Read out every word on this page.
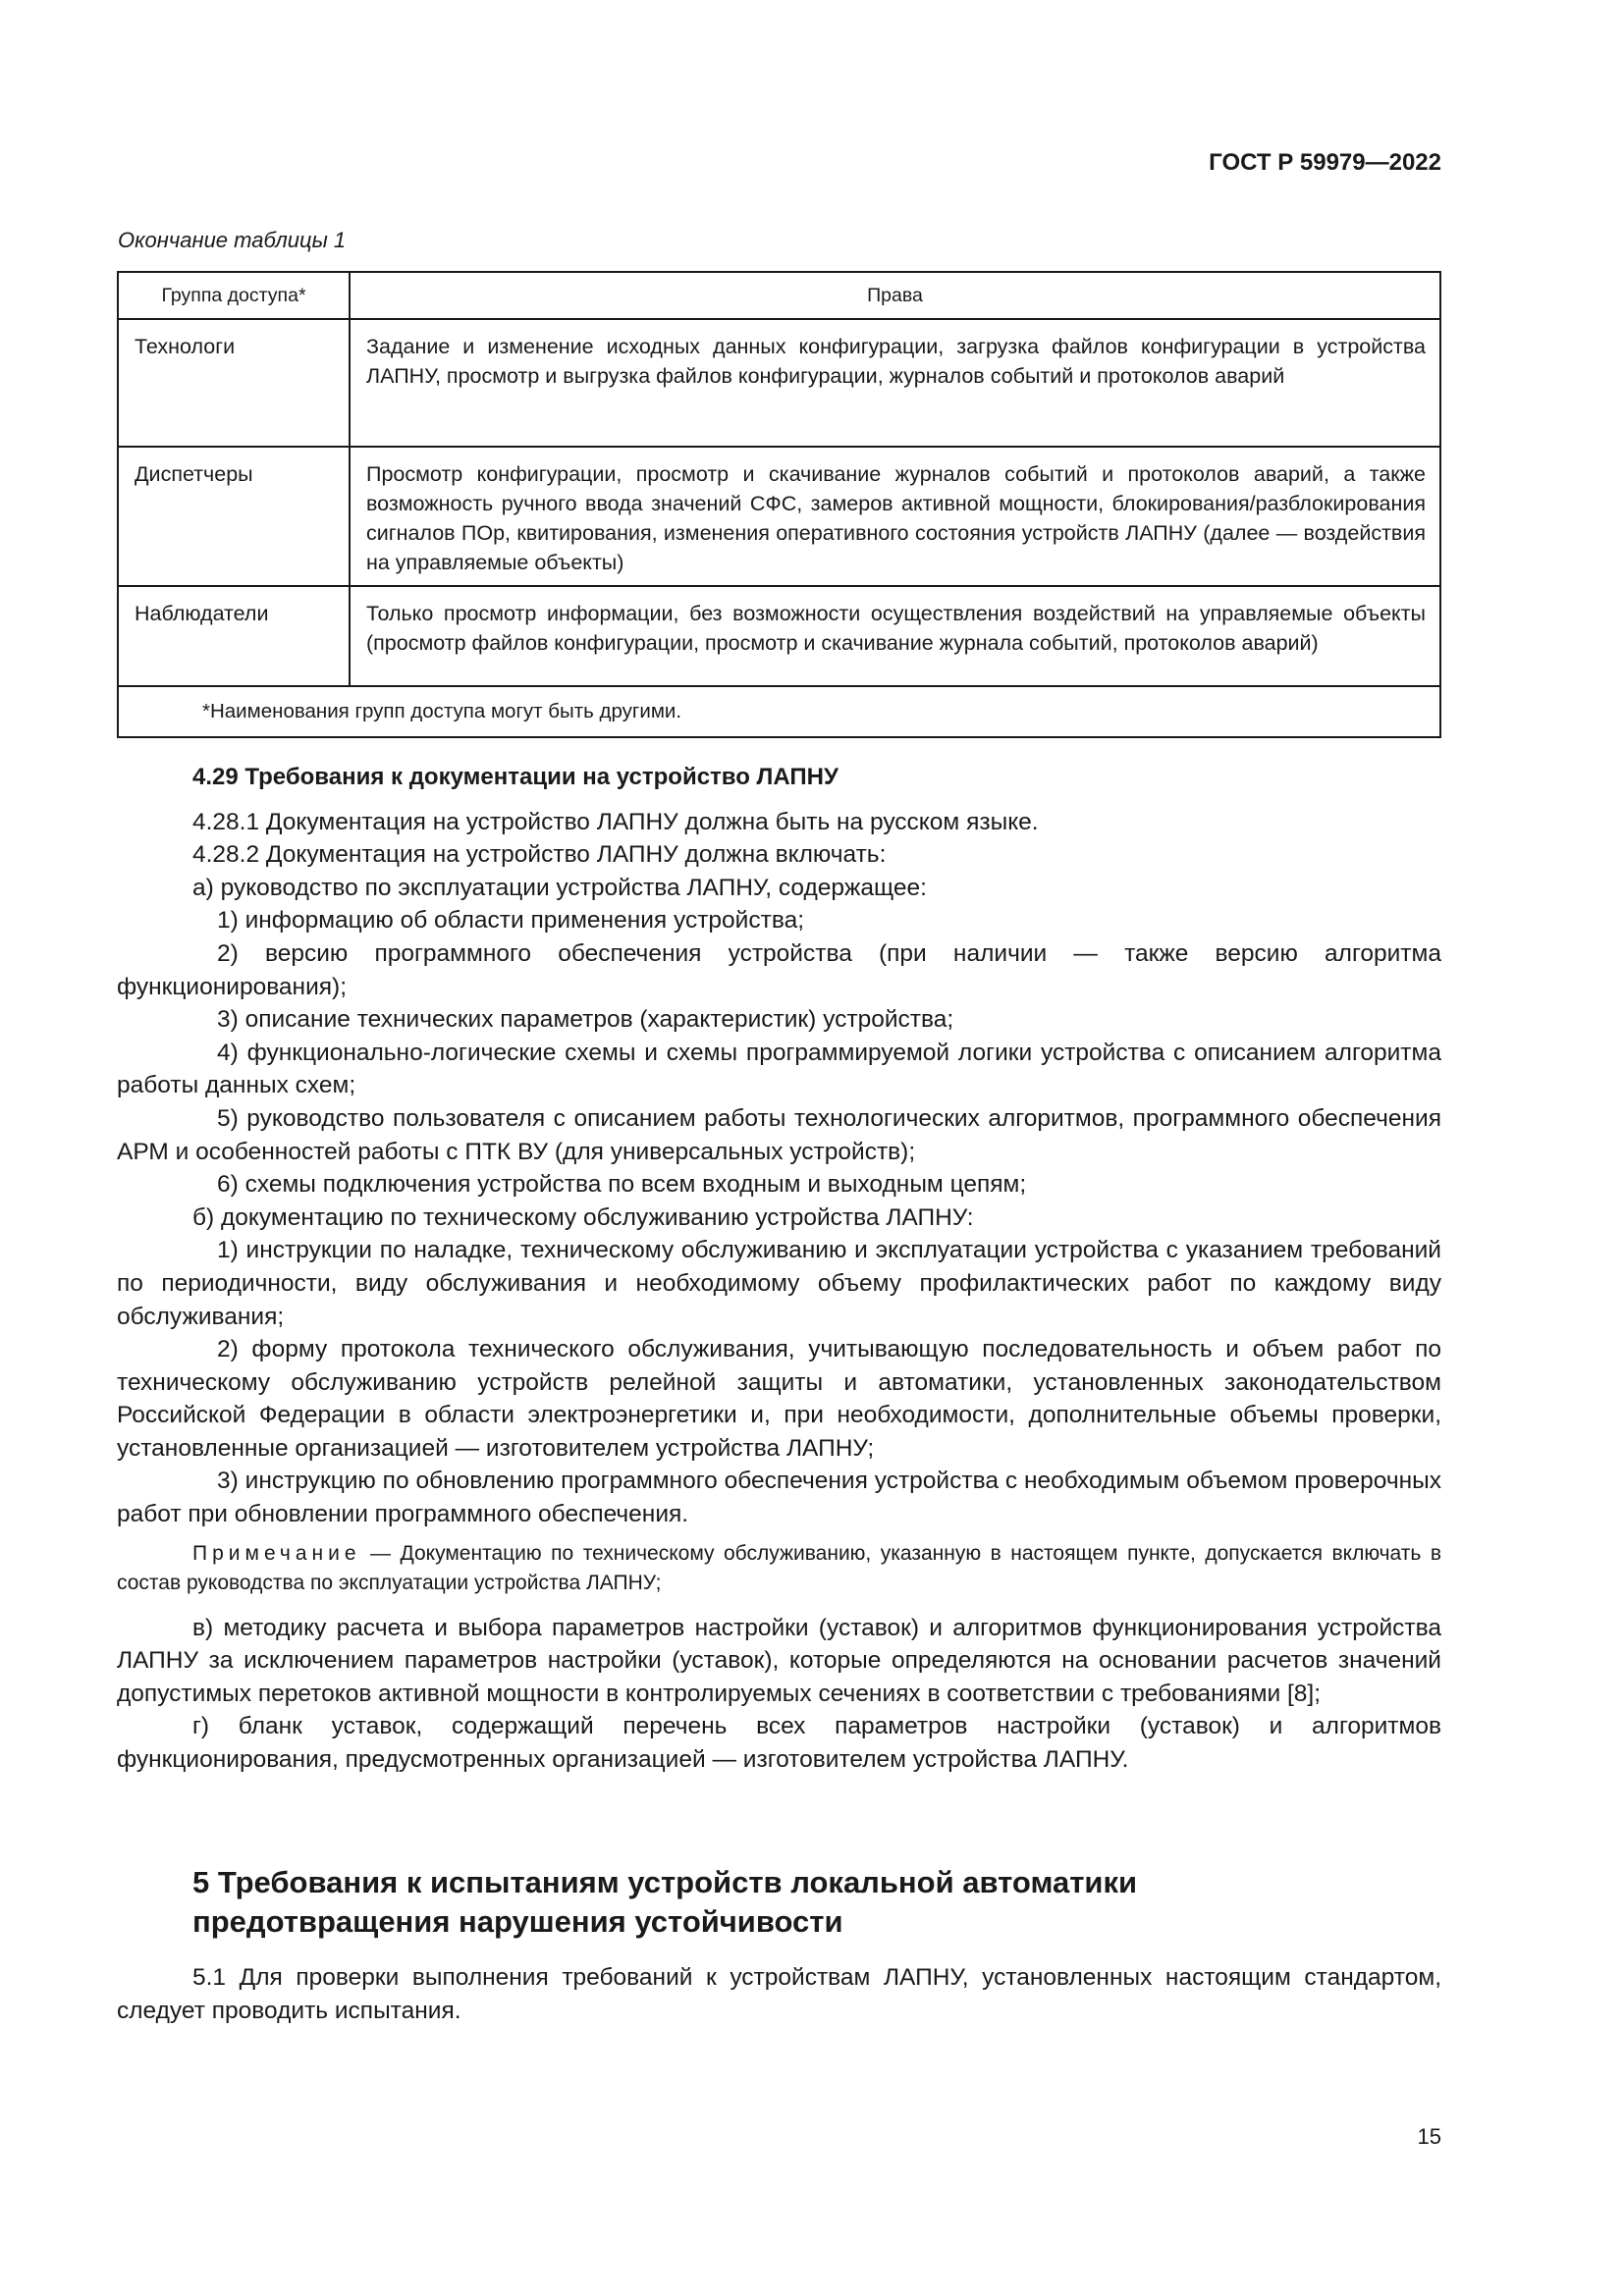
ГОСТ Р 59979—2022
Окончание таблицы 1
Группа доступа*	Права
Технологи	Задание и изменение исходных данных конфигурации, загрузка файлов конфигурации в устройства ЛАПНУ, просмотр и выгрузка файлов конфигурации, журналов событий и протоколов аварий
Диспетчеры	Просмотр конфигурации, просмотр и скачивание журналов событий и протоколов аварий, а также возможность ручного ввода значений СФС, замеров активной мощности, блокирования/разблокирования сигналов ПОр, квитирования, изменения оперативного состояния устройств ЛАПНУ (далее — воздействия на управляемые объекты)
Наблюдатели	Только просмотр информации, без возможности осуществления воздействий на управляемые объекты (просмотр файлов конфигурации, просмотр и скачивание журнала событий, протоколов аварий)
*Наименования групп доступа могут быть другими.	

4.29 Требования к документации на устройство ЛАПНУ

4.28.1 Документация на устройство ЛАПНУ должна быть на русском языке.

4.28.2 Документация на устройство ЛАПНУ должна включать:

а) руководство по эксплуатации устройства ЛАПНУ, содержащее:

1) информацию об области применения устройства;

2) версию программного обеспечения устройства (при наличии — также версию алгоритма функционирования);

3) описание технических параметров (характеристик) устройства;

4) функционально-логические схемы и схемы программируемой логики устройства с описанием алгоритма работы данных схем;

5) руководство пользователя с описанием работы технологических алгоритмов, программного обеспечения АРМ и особенностей работы с ПТК ВУ (для универсальных устройств);

6) схемы подключения устройства по всем входным и выходным цепям;

б) документацию по техническому обслуживанию устройства ЛАПНУ:

1) инструкции по наладке, техническому обслуживанию и эксплуатации устройства с указанием требований по периодичности, виду обслуживания и необходимому объему профилактических работ по каждому виду обслуживания;

2) форму протокола технического обслуживания, учитывающую последовательность и объем работ по техническому обслуживанию устройств релейной защиты и автоматики, установленных законодательством Российской Федерации в области электроэнергетики и, при необходимости, дополнительные объемы проверки, установленные организацией — изготовителем устройства ЛАПНУ;

3) инструкцию по обновлению программного обеспечения устройства с необходимым объемом проверочных работ при обновлении программного обеспечения.

Примечание — Документацию по техническому обслуживанию, указанную в настоящем пункте, допускается включать в состав руководства по эксплуатации устройства ЛАПНУ;

в) методику расчета и выбора параметров настройки (уставок) и алгоритмов функционирования устройства ЛАПНУ за исключением параметров настройки (уставок), которые определяются на основании расчетов значений допустимых перетоков активной мощности в контролируемых сечениях в соответствии с требованиями [8];

г) бланк уставок, содержащий перечень всех параметров настройки (уставок) и алгоритмов функционирования, предусмотренных организацией — изготовителем устройства ЛАПНУ.

5 Требования к испытаниям устройств локальной автоматики
предотвращения нарушения устойчивости

5.1 Для проверки выполнения требований к устройствам ЛАПНУ, установленных настоящим стандартом, следует проводить испытания.

15
